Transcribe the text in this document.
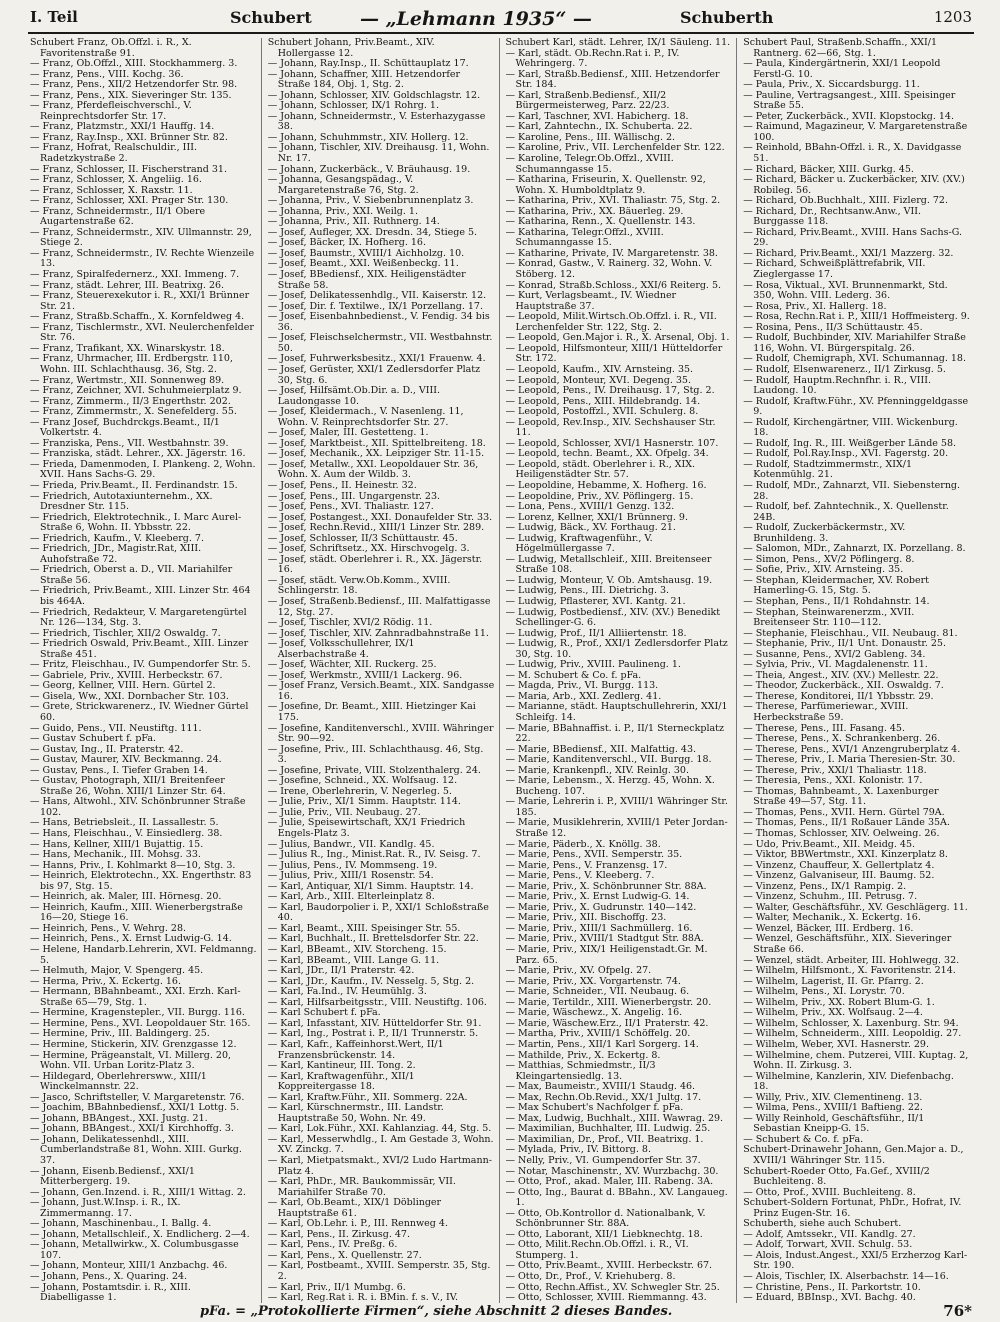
I. Teil	Schubert	— „Lehmann 1935“ —	Schuberth	1203
Schubert Franz, Ob.Offzl. i. R., X. Favoritenstraße 91.
— Franz, Ob.Offzl., XIII. Stockhammerg. 3.
— Franz, Pens., VIII. Kochg. 36.
— Franz, Pens., XII/2 Hetzendorfer Str. 98.
— Franz, Pens., XIX. Sieveringer Str. 135.
— Franz, Pferdefleischverschl., V. Reinprechtsdorfer Str. 17.
— Franz, Platzmstr., XXI/1 Hauffg. 14.
— Franz, Ray.Insp., XXI. Brünner Str. 82.
— Franz, Hofrat, Realschuldir., III. Radetzkystraße 2.
— Franz, Schlosser, II. Fischerstrand 31.
— Franz, Schlosser, X. Angeliig. 16.
— Franz, Schlosser, X. Raxstr. 11.
— Franz, Schlosser, XXI. Prager Str. 130.
— Franz, Schneidermstr., II/1 Obere Augartenstraße 62.
— Franz, Schneidermstr., XIV. Ullmannstr. 29, Stiege 2.
— Franz, Schneidermstr., IV. Rechte Wienzeile 13.
— Franz, Spiralfedernerz., XXI. Immeng. 7.
— Franz, städt. Lehrer, III. Beatrixg. 26.
— Franz, Steuerexekutor i. R., XXI/1 Brünner Str. 21.
— Franz, Straßb.Schaffn., X. Kornfeldweg 4.
— Franz, Tischlermstr., XVI. Neulerchenfelder Str. 76.
— Franz, Trafikant, XX. Winarskystr. 18.
— Franz, Uhrmacher, III. Erdbergstr. 110, Wohn. III. Schlachthausg. 36, Stg. 2.
— Franz, Wertmstr., XII. Sonnenweg 89.
— Franz, Zeichner, XVI. Schuhmeierplatz 9.
— Franz, Zimmerm., II/3 Engerthstr. 202.
— Franz, Zimmermstr., X. Senefelderg. 55.
— Franz Josef, Buchdrckgs.Beamt., II/1 Volkertstr. 4.
— Franziska, Pens., VII. Westbahnstr. 39.
— Franziska, städt. Lehrer., XX. Jägerstr. 16.
— Frieda, Damenmoden, I. Plankeng. 2, Wohn. XVII. Hans Sachs-G. 29.
— Frieda, Priv.Beamt., II. Ferdinandstr. 15.
— Friedrich, Autotaxiunternehm., XX. Dresdner Str. 115.
— Friedrich, Elektrotechnik., I. Marc Aurel-Straße 6, Wohn. II. Ybbsstr. 22.
— Friedrich, Kaufm., V. Kleeberg. 7.
— Friedrich, JDr., Magistr.Rat, XIII. Auhofstraße 72.
— Friedrich, Oberst a. D., VII. Mariahilfer Straße 56.
— Friedrich, Priv.Beamt., XIII. Linzer Str. 464 bis 464A.
— Friedrich, Redakteur, V. Margaretengürtel Nr. 126—134, Stg. 3.
— Friedrich, Tischler, XII/2 Oswaldg. 7.
— Friedrich Oswald, Priv.Beamt., XIII. Linzer Straße 451.
— Fritz, Fleischhau., IV. Gumpendorfer Str. 5.
— Gabriele, Priv., XVIII. Herbeckstr. 67.
— Georg, Kellner, VIII. Hern. Gürtel 2.
— Gisela, Ww., XXI. Dornbacher Str. 103.
— Grete, Strickwarenerz., IV. Wiedner Gürtel 60.
— Guido, Pens., VII. Neustiftg. 111.
— Gustav Schubert f. pFa.
— Gustav, Ing., II. Praterstr. 42.
— Gustav, Maurer, XIV. Beckmanng. 24.
— Gustav, Pens., I. Tiefer Graben 14.
— Gustav, Photograph, XII/1 Breitenfeer Straße 26, Wohn. XIII/1 Linzer Str. 64.
— Hans, Altwohl., XIV. Schönbrunner Straße 102.
— Hans, Betriebsleit., II. Lassallestr. 5.
— Hans, Fleischhau., V. Einsiedlerg. 38.
— Hans, Kellner, XIII/1 Bujattig. 15.
— Hans, Mechanik., III. Mohsg. 33.
— Hanns, Priv., I. Kohlmarkt 8—10, Stg. 3.
— Heinrich, Elektrotechn., XX. Engerthstr. 83 bis 97, Stg. 15.
— Heinrich, ak. Maler, III. Hörnesg. 20.
— Heinrich, Kaufm., XIII. Wienerbergstraße 16—20, Stiege 16.
— Heinrich, Pens., V. Wehrg. 28.
— Heinrich, Pens., X. Ernst Ludwig-G. 14.
— Helene, Handarb.Lehrerin, XVI. Feldmanng. 5.
— Helmuth, Major, V. Spengerg. 45.
— Herma, Priv., X. Eckertg. 16.
— Hermann, BBahnbeamt., XXI. Erzh. Karl-Straße 65—79, Stg. 1.
— Hermine, Kragenstepler., VII. Burgg. 116.
— Hermine, Pens., XVI. Leopoldauer Str. 165.
— Hermine, Priv., III. Baldingerg. 25.
— Hermine, Stickerin, XIV. Grenzgasse 12.
— Hermine, Prägeanstalt, VI. Millerg. 20, Wohn. VII. Urban Loritz-Platz 3.
— Hildegard, Oberlehrersww., XIII/1 Winckelmannstr. 22.
— Jasco, Schriftsteller, V. Margaretenstr. 76.
— Joachim, BBahnbediensf., XXI/1 Lottg. 5.
— Johann, BBAngest., XXI. Justg. 21.
— Johann, BBAngest., XXI/1 Kirchhoffg. 3.
— Johann, Delikatessenhdl., XIII. Cumberlandstraße 81, Wohn. XIII. Gurkg. 37.
— Johann, Eisenb.Bediensf., XXI/1 Mitterbergerg. 19.
— Johann, Gen.Inzend. i. R., XIII/1 Wittag. 2.
— Johann, Just.W.Insp. i. R., IX. Zimmermanng. 17.
— Johann, Maschinenbau., I. Ballg. 4.
— Johann, Metallschleif., X. Endlicherg. 2—4.
— Johann, Metallwirkw., X. Columbusgasse 107.
— Johann, Monteur, XIII/1 Anzbachg. 46.
— Johann, Pens., X. Quaring. 24.
— Johann, Postamtsdir. i. R., XIII. Diabelligasse 1.
Schubert Johann, Priv.Beamt., XIV. Hollergasse 12.
— Johann, Ray.Insp., II. Schüttauplatz 17.
— Johann, Schaffner, XIII. Hetzendorfer Straße 184, Obj. 1, Stg. 2.
— Johann, Schlosser, XIV. Goldschlagstr. 12.
— Johann, Schlosser, IX/1 Rohrg. 1.
— Johann, Schneidermstr., V. Esterhazygasse 38.
— Johann, Schuhmmstr., XIV. Hollerg. 12.
— Johann, Tischler, XIV. Dreihausg. 11, Wohn. Nr. 17.
— Johann, Zuckerbäck., V. Bräuhausg. 19.
— Johanna, Gesangspädag., V. Margaretenstraße 76, Stg. 2.
— Johanna, Priv., V. Siebenbrunnenplatz 3.
— Johanna, Priv., XXI. Weilg. 1.
— Johanna, Priv., XII. Ruthnerg. 14.
— Josef, Aufleger, XX. Dresdn. 34, Stiege 5.
— Josef, Bäcker, IX. Hofherg. 16.
— Josef, Baumstr., XVIII/1 Aichholzg. 10.
— Josef, Beamt., XXI. Weißenbeckg. 11.
— Josef, BBediensf., XIX. Heiligenstädter Straße 58.
— Josef, Delikatessenhdlg., VII. Kaiserstr. 12.
— Josef, Dir. f. Textilwe., IX/1 Porzellang. 17.
— Josef, Eisenbahnbedienst., V. Fendig. 34 bis 36.
— Josef, Fleischselchermstr., VII. Westbahnstr. 50.
— Josef, Fuhrwerksbesitz., XXI/1 Frauenw. 4.
— Josef, Gerüster, XXI/1 Zedlersdorfer Platz 30, Stg. 6.
— Josef, Hilfsämt.Ob.Dir. a. D., VIII. Laudongasse 10.
— Josef, Kleidermach., V. Nasenleng. 11, Wohn. V. Reinprechtsdorfer Str. 27.
— Josef, Maler, III. Gestetteng. 1.
— Josef, Marktbeist., XII. Spittelbreiteng. 18.
— Josef, Mechanik., XX. Leipziger Str. 11-15.
— Josef, Metallw., XXI. Leopoldauer Str. 36, Wohn. X. Aum der Wildb. 3.
— Josef, Pens., II. Heinestr. 32.
— Josef, Pens., III. Ungargenstr. 23.
— Josef, Pens., XVI. Thaliastr. 127.
— Josef, Postangest., XXI. Donaufelder Str. 33.
— Josef, Rechn.Revid., XIII/1 Linzer Str. 289.
— Josef, Schlosser, II/3 Schüttaustr. 45.
— Josef, Schriftsetz., XX. Hirschvogelg. 3.
— Josef, städt. Oberlehrer i. R., XX. Jägerstr. 16.
— Josef, städt. Verw.Ob.Komm., XVIII. Schlingerstr. 18.
— Josef, Straßenb.Bediensf., III. Malfattigasse 12, Stg. 27.
— Josef, Tischler, XVI/2 Rödig. 11.
— Josef, Tischler, XIV. Zahnradbahnstraße 11.
— Josef, Volksschullehrer, IX/1 Alserbachstraße 4.
— Josef, Wächter, XII. Ruckerg. 25.
— Josef, Werkmstr., XVIII/1 Lackerg. 96.
— Josef Franz, Versich.Beamt., XIX. Sandgasse 16.
— Josefine, Dr. Beamt., XIII. Hietzinger Kai 175.
— Josefine, Kanditenverschl., XVIII. Währinger Str. 90—92.
— Josefine, Priv., III. Schlachthausg. 46, Stg. 3.
— Josefine, Private, VIII. Stolzenthalerg. 24.
— Josefine, Schneid., XX. Wolfsaug. 12.
— Irene, Oberlehrerin, V. Negerleg. 5.
— Julie, Priv., XI/1 Simm. Hauptstr. 114.
— Julie, Priv., VII. Neubaug. 27.
— Julie, Speisewirtschaft, XX/1 Friedrich Engels-Platz 3.
— Julius, Bandwr., VII. Kandlg. 45.
— Julius R., Ing., Minist.Rat. R., IV. Seisg. 7.
— Julius, Pens., IV. Mommseng. 19.
— Julius, Priv., XIII/1 Rosenstr. 54.
— Karl, Antiquar, XI/1 Simm. Hauptstr. 14.
— Karl, Arb., XIII. Elterleinplatz 8.
— Karl, Baudorpolier i. P., XXI/1 Schloßstraße 40.
— Karl, Beamt., XIII. Speisinger Str. 55.
— Karl, Buchhalt., II. Brettelsdorfer Str. 22.
— Karl, BBeamt., XIV. Storcheng. 15.
— Karl, BBeamt., VIII. Lange G. 11.
— Karl, JDr., II/1 Praterstr. 42.
— Karl, JDr., Kaufm., IV. Nesselg. 5, Stg. 2.
— Karl, Fa.Ind., IV. Heumühlg. 3.
— Karl, Hilfsarbeitgsstr., VIII. Neustiftg. 106.
— Karl Schubert f. pFa.
— Karl, Infasstant, XIV. Hütteldorfer Str. 91.
— Karl, Ing., Postrat i. P., II/1 Trunnerstr. 5.
— Karl, Kafr., Kaffeinhorst.Wert, II/1 Franzensbrückenstr. 14.
— Karl, Kantineur, III. Tong. 2.
— Karl, Kraftwagenführ., XII/1 Koppreitergasse 18.
— Karl, Kraftw.Führ., XII. Sommerg. 22A.
— Karl, Kürschnermstr., III. Landstr. Hauptstraße 50, Wohn. Nr. 49.
— Karl, Lok.Führ., XXI. Kahlanziag. 44, Stg. 5.
— Karl, Messerwhdlg., I. Am Gestade 3, Wohn. XV. Zinckg. 7.
— Karl, Mietpatsmakt., XVI/2 Ludo Hartmann-Platz 4.
— Karl, PhDr., MR. Baukommissär, VII. Mariahilfer Straße 70.
— Karl, Ob.Beamt., XIX/1 Döblinger Hauptstraße 61.
— Karl, Ob.Lehr. i. P., III. Rennweg 4.
— Karl, Pens., II. Zirkusg. 47.
— Karl, Pens., IV. Preßg. 6.
— Karl, Pens., X. Quellenstr. 27.
— Karl, Postbeamt., XVIII. Semperstr. 35, Stg. 2.
— Karl, Priv., II/1 Mumbg. 6.
— Karl, Reg.Rat i. R. i. BMin. f. s. V., IV.
Schubert Karl, städt. Lehrer, IX/1 Säuleng. 11.
— Karl, städt. Ob.Rechn.Rat i. P., IV. Wehringerg. 7.
— Karl, Straßb.Bediensf., XIII. Hetzendorfer Str. 184.
— Karl, Straßenb.Bediensf., XII/2 Bürgermeisterweg, Parz. 22/23.
— Karl, Taschner, XVI. Habicherg. 18.
— Karl, Zahntechn., IX. Schuberta. 22.
— Karoline, Pens., III. Wällischg. 2.
— Karoline, Priv., VII. Lerchenfelder Str. 122.
— Karoline, Telegr.Ob.Offzl., XVIII. Schumanngasse 15.
— Katharina, Friseurin, X. Quellenstr. 92, Wohn. X. Humboldtplatz 9.
— Katharina, Priv., XVI. Thaliastr. 75, Stg. 2.
— Katharina, Priv., XX. Bäuerleg. 29.
— Katharina, Renn., X. Quellenstr. 143.
— Katharina, Telegr.Offzl., XVIII. Schumanngasse 15.
— Katharine, Private, IV. Margaretenstr. 38.
— Konrad, Gastw., V. Rainerg. 32, Wohn. V. Stöberg. 12.
— Konrad, Straßb.Schloss., XXI/6 Reiterg. 5.
— Kurt, Verlagsbeamt., IV. Wiedner Hauptstraße 37.
— Leopold, Milit.Wirtsch.Ob.Offzl. i. R., VII. Lerchenfelder Str. 122, Stg. 2.
— Leopold, Gen.Major i. R., X. Arsenal, Obj. 1.
— Leopold, Hilfsmonteur, XIII/1 Hütteldorfer Str. 172.
— Leopold, Kaufm., XIV. Arnsteing. 35.
— Leopold, Monteur, XVI. Degeng. 35.
— Leopold, Pens., IV. Dreihausg. 17, Stg. 2.
— Leopold, Pens., XIII. Hildebrandg. 14.
— Leopold, Postoffzl., XVII. Schulerg. 8.
— Leopold, Rev.Insp., XIV. Sechshauser Str. 11.
— Leopold, Schlosser, XVI/1 Hasnerstr. 107.
— Leopold, techn. Beamt., XX. Ofpelg. 34.
— Leopold, städt. Oberlehrer i. R., XIX. Heiligenstädter Str. 57.
— Leopoldine, Hebamme, X. Hofherg. 16.
— Leopoldine, Priv., XV. Pöflingerg. 15.
— Lona, Pens., XVIII/1 Genzg. 132.
— Lorenz, Kellner, XXI/1 Brünnerg. 9.
— Ludwig, Bäck., XV. Forthaug. 21.
— Ludwig, Kraftwagenführ., V. Högelmüllergasse 7.
— Ludwig, Metallschleif., XIII. Breitenseer Straße 108.
— Ludwig, Monteur, V. Ob. Amtshausg. 19.
— Ludwig, Pens., III. Dietrichg. 3.
— Ludwig, Pflasterer, XVI. Kantg. 21.
— Ludwig, Postbediensf., XIV. (XV.) Benedikt Schellinger-G. 6.
— Ludwig, Prof., II/1 Alliiertenstr. 18.
— Ludwig, R., Prof., XXI/1 Zedlersdorfer Platz 30, Stg. 10.
— Ludwig, Priv., XVIII. Paulineng. 1.
— M. Schubert & Co. f. pFa.
— Magda, Priv., VI. Burgg. 113.
— Maria, Arb., XXI. Zedlerg. 41.
— Marianne, städt. Hauptschullehrerin, XXI/1 Schleifg. 14.
— Marie, BBahnaffist. i. P., II/1 Sterneckplatz 22.
— Marie, BBediensf., XII. Malfattig. 43.
— Marie, Kanditenverschl., VII. Burgg. 18.
— Marie, Krankenpfl., XIV. Reinlg. 30.
— Marie, Lebensm., X. Herzg. 45, Wohn. X. Bucheng. 107.
— Marie, Lehrerin i. P., XVIII/1 Währinger Str. 185.
— Marie, Musiklehrerin, XVIII/1 Peter Jordan-Straße 12.
— Marie, Päderb., X. Knöllg. 38.
— Marie, Pens., XVII. Semperstr. 35.
— Marie, Pens., V. Franzensg. 17.
— Marie, Pens., V. Kleeberg. 7.
— Marie, Priv., X. Schönbrunner Str. 88A.
— Marie, Priv., X. Ernst Ludwig-G. 14.
— Marie, Priv., X. Gudrunstr. 140—142.
— Marie, Priv., XII. Bischoffg. 23.
— Marie, Priv., XIII/1 Sachmüllerg. 16.
— Marie, Priv., XVIII/1 Stadtgut Str. 88A.
— Marie, Priv., XIX/1 Heiligenstadt.Gr. M. Parz. 65.
— Marie, Priv., XV. Ofpelg. 27.
— Marie, Priv., XX. Vorgartenstr. 74.
— Marie, Schneider., VII. Neubaug. 6.
— Marie, Tertildr., XIII. Wienerbergstr. 20.
— Marie, Wäschewz., X. Angelig. 16.
— Marie, Wäschew.Erz., II/1 Praterstr. 42.
— Martha, Priv., XVIII/1 Schöffelg. 20.
— Martin, Pens., XII/1 Karl Sorgerg. 14.
— Mathilde, Priv., X. Eckertg. 8.
— Matthias, Schmiedmstr., II/3 Kleingartensiedlg. 13.
— Max, Baumeistr., XVIII/1 Staudg. 46.
— Max, Rechn.Ob.Revid., XX/1 Jultg. 17.
— Max Schubert's Nachfolger f. pFa.
— Max, Ludwig, Buchhalt., XIII. Wawrag. 29.
— Maximilian, Buchhalter, III. Ludwig. 25.
— Maximilian, Dr., Prof., VII. Beatrixg. 1.
— Mylada, Priv., IV. Bittorg. 8.
— Nelly, Priv., VI. Gumpendorfer Str. 37.
— Notar, Maschinenstr., XV. Wurzbachg. 30.
— Otto, Prof., akad. Maler, III. Rabeng. 3A.
— Otto, Ing., Baurat d. BBahn., XV. Langaueg. 1.
— Otto, Ob.Kontrollor d. Nationalbank, V. Schönbrunner Str. 88A.
— Otto, Laborant, XII/1 Liebknechtg. 18.
— Otto, Milit.Rechn.Ob.Offzl. i. R., VI. Stumperg. 1.
— Otto, Priv.Beamt., XVIII. Herbeckstr. 67.
— Otto, Dr., Prof., V. Kriehuberg. 8.
— Otto, Rechn.Affist., XV. Schwegler Str. 25.
— Otto, Schlosser, XVIII. Riemmanng. 43.
Schubert Paul, Straßenb.Schaffn., XXI/1 Rantnerg. 62—66, Stg. 1.
— Paula, Kindergärtnerin, XXI/1 Leopold Ferstl-G. 10.
— Paula, Priv., X. Siccardsburgg. 11.
— Pauline, Vertragsangest., XIII. Speisinger Straße 55.
— Peter, Zuckerbäck., XVII. Klopstockg. 14.
— Raimund, Magazineur, V. Margaretenstraße 100.
— Reinhold, BBahn-Offzl. i. R., X. Davidgasse 51.
— Richard, Bäcker, XIII. Gurkg. 45.
— Richard, Bäcker u. Zuckerbäcker, XIV. (XV.) Robileg. 56.
— Richard, Ob.Buchhalt., XIII. Fizlerg. 72.
— Richard, Dr., Rechtsanw.Anw., VII. Burggasse 118.
— Richard, Priv.Beamt., XVIII. Hans Sachs-G. 29.
— Richard, Priv.Beamt., XXI/1 Mazzerg. 32.
— Richard, Schweißplättrefabrik, VII. Zieglergasse 17.
— Rosa, Viktual., XVI. Brunnenmarkt, Std. 350, Wohn. VIII. Lederg. 36.
— Rosa, Priv., XI. Hallerg. 18.
— Rosa, Rechn.Rat i. P., XIII/1 Hoffmeisterg. 9.
— Rosina, Pens., II/3 Schüttaustr. 45.
— Rudolf, Buchbinder, XIV. Mariahilfer Straße 116, Wohn. VI. Bürgerspitalg. 26.
— Rudolf, Chemigraph, XVI. Schumannag. 18.
— Rudolf, Elsenwarenerz., II/1 Zirkusg. 5.
— Rudolf, Hauptm.Rechnfhr. i. R., VIII. Laudong. 10.
— Rudolf, Kraftw.Führ., XV. Pfenninggeldgasse 9.
— Rudolf, Kirchengärtner, VIII. Wickenburg. 18.
— Rudolf, Ing. R., III. Weißgerber Lände 58.
— Rudolf, Pol.Ray.Insp., XVI. Fagerstg. 20.
— Rudolf, Stadtzimmermstr., XIX/1 Kotenmühlg. 21.
— Rudolf, MDr., Zahnarzt, VII. Siebensterng. 28.
— Rudolf, bef. Zahntechnik., X. Quellenstr. 24B.
— Rudolf, Zuckerbäckermstr., XV. Brunhildeng. 3.
— Salomon, MDr., Zahnarzt, IX. Porzellang. 8.
— Simon, Pens., XV/2 Pöflingerg. 8.
— Sofie, Priv., XIV. Arnsteing. 35.
— Stephan, Kleidermacher, XV. Robert Hamerling-G. 15, Stg. 5.
— Stephan, Pens., II/1 Rohdahnstr. 14.
— Stephan, Steinwarenerzm., XVII. Breitenseer Str. 110—112.
— Stephanie, Fleischhau., VII. Neubaug. 81.
— Stephanie, Priv., II/1 Unt. Donaustr. 25.
— Susanne, Pens., XVI/2 Gableng. 34.
— Sylvia, Priv., VI. Magdalenenstr. 11.
— Theia, Angest., XIV. (XV.) Mellestr. 22.
— Theodor, Zuckerbäck., XII. Oswaldg. 7.
— Therese, Konditorei, II/1 Ybbsstr. 29.
— Therese, Parfümeriewar., XVIII. Herbeckstraße 59.
— Therese, Pens., III. Fasang. 45.
— Therese, Pens., X. Schrankenberg. 26.
— Therese, Pens., XVI/1 Anzengruberplatz 4.
— Therese, Priv., I. Maria Theresien-Str. 30.
— Therese, Priv., XXI/1 Thaliastr. 118.
— Theresia, Pens., XXI. Kolonistr. 17.
— Thomas, Bahnbeamt., X. Laxenburger Straße 49—57, Stg. 11.
— Thomas, Pens., XVII. Hern. Gürtel 79A.
— Thomas, Pens., II/1 Roßauer Lände 35A.
— Thomas, Schlosser, XIV. Oelweing. 26.
— Udo, Priv.Beamt., XII. Meidg. 45.
— Viktor, BBWertmstr., XXI. Kinzerplatz 8.
— Vinzenz, Chauffeur, X. Gellertplatz 4.
— Vinzenz, Galvaniseur, III. Baumg. 52.
— Vinzenz, Pens., IX/1 Rampig. 2.
— Vinzenz, Schuhm., III. Petrusg. 7.
— Walter, Geschäftsführ., XV. Geschlägerg. 11.
— Walter, Mechanik., X. Eckertg. 16.
— Wenzel, Bäcker, III. Erdberg. 16.
— Wenzel, Geschäftsführ., XIX. Sieveringer Straße 66.
— Wenzel, städt. Arbeiter, III. Hohlwegg. 32.
— Wilhelm, Hilfsmont., X. Favoritenstr. 214.
— Wilhelm, Lagerist, II. Gr. Pfarrg. 2.
— Wilhelm, Pens., XI. Lorystr. 70.
— Wilhelm, Priv., XX. Robert Blum-G. 1.
— Wilhelm, Priv., XX. Wolfsaug. 2—4.
— Wilhelm, Schlosser, X. Laxenburg. Str. 94.
— Wilhelm, Schneiderm., XIII. Leopoldig. 27.
— Wilhelm, Weber, XVI. Hasnerstr. 29.
— Wilhelmine, chem. Putzerei, VIII. Kuptag. 2, Wohn. II. Zirkusg. 3.
— Wilhelmine, Kanzlerin, XIV. Diefenbachg. 18.
— Willy, Priv., XIV. Clementineng. 13.
— Wilma, Pens., XVIII/1 Baftieng. 22.
— Willy Reinhold, Geschäftsführ., II/1 Sebastian Kneipp-G. 15.
— Schubert & Co. f. pFa.
Schubert-Drinawehr Johann, Gen.Major a. D., XVIII/1 Währinger Str. 115.
Schubert-Roeder Otto, Fa.Gef., XVIII/2 Buchleiteng. 8.
— Otto, Prof., XVIII. Buchleiteng. 8.
Schubert-Soldern Fortunat, PhDr., Hofrat, IV. Prinz Eugen-Str. 16.
Schuberth, siehe auch Schubert.
— Adolf, Amtssekr., VII. Kandlg. 27.
— Adolf, Torwart, XVII. Schulg. 53.
— Alois, Indust.Angest., XXI/5 Erzherzog Karl-Str. 190.
— Alois, Tischler, IX. Alserbachstr. 14—16.
— Christine, Pens., II. Parkortstr. 10.
— Eduard, BBInsp., XVI. Bachg. 40.
pFa. = „Protokollierte Firmen“, siehe Abschnitt 2 dieses Bandes.	76*
